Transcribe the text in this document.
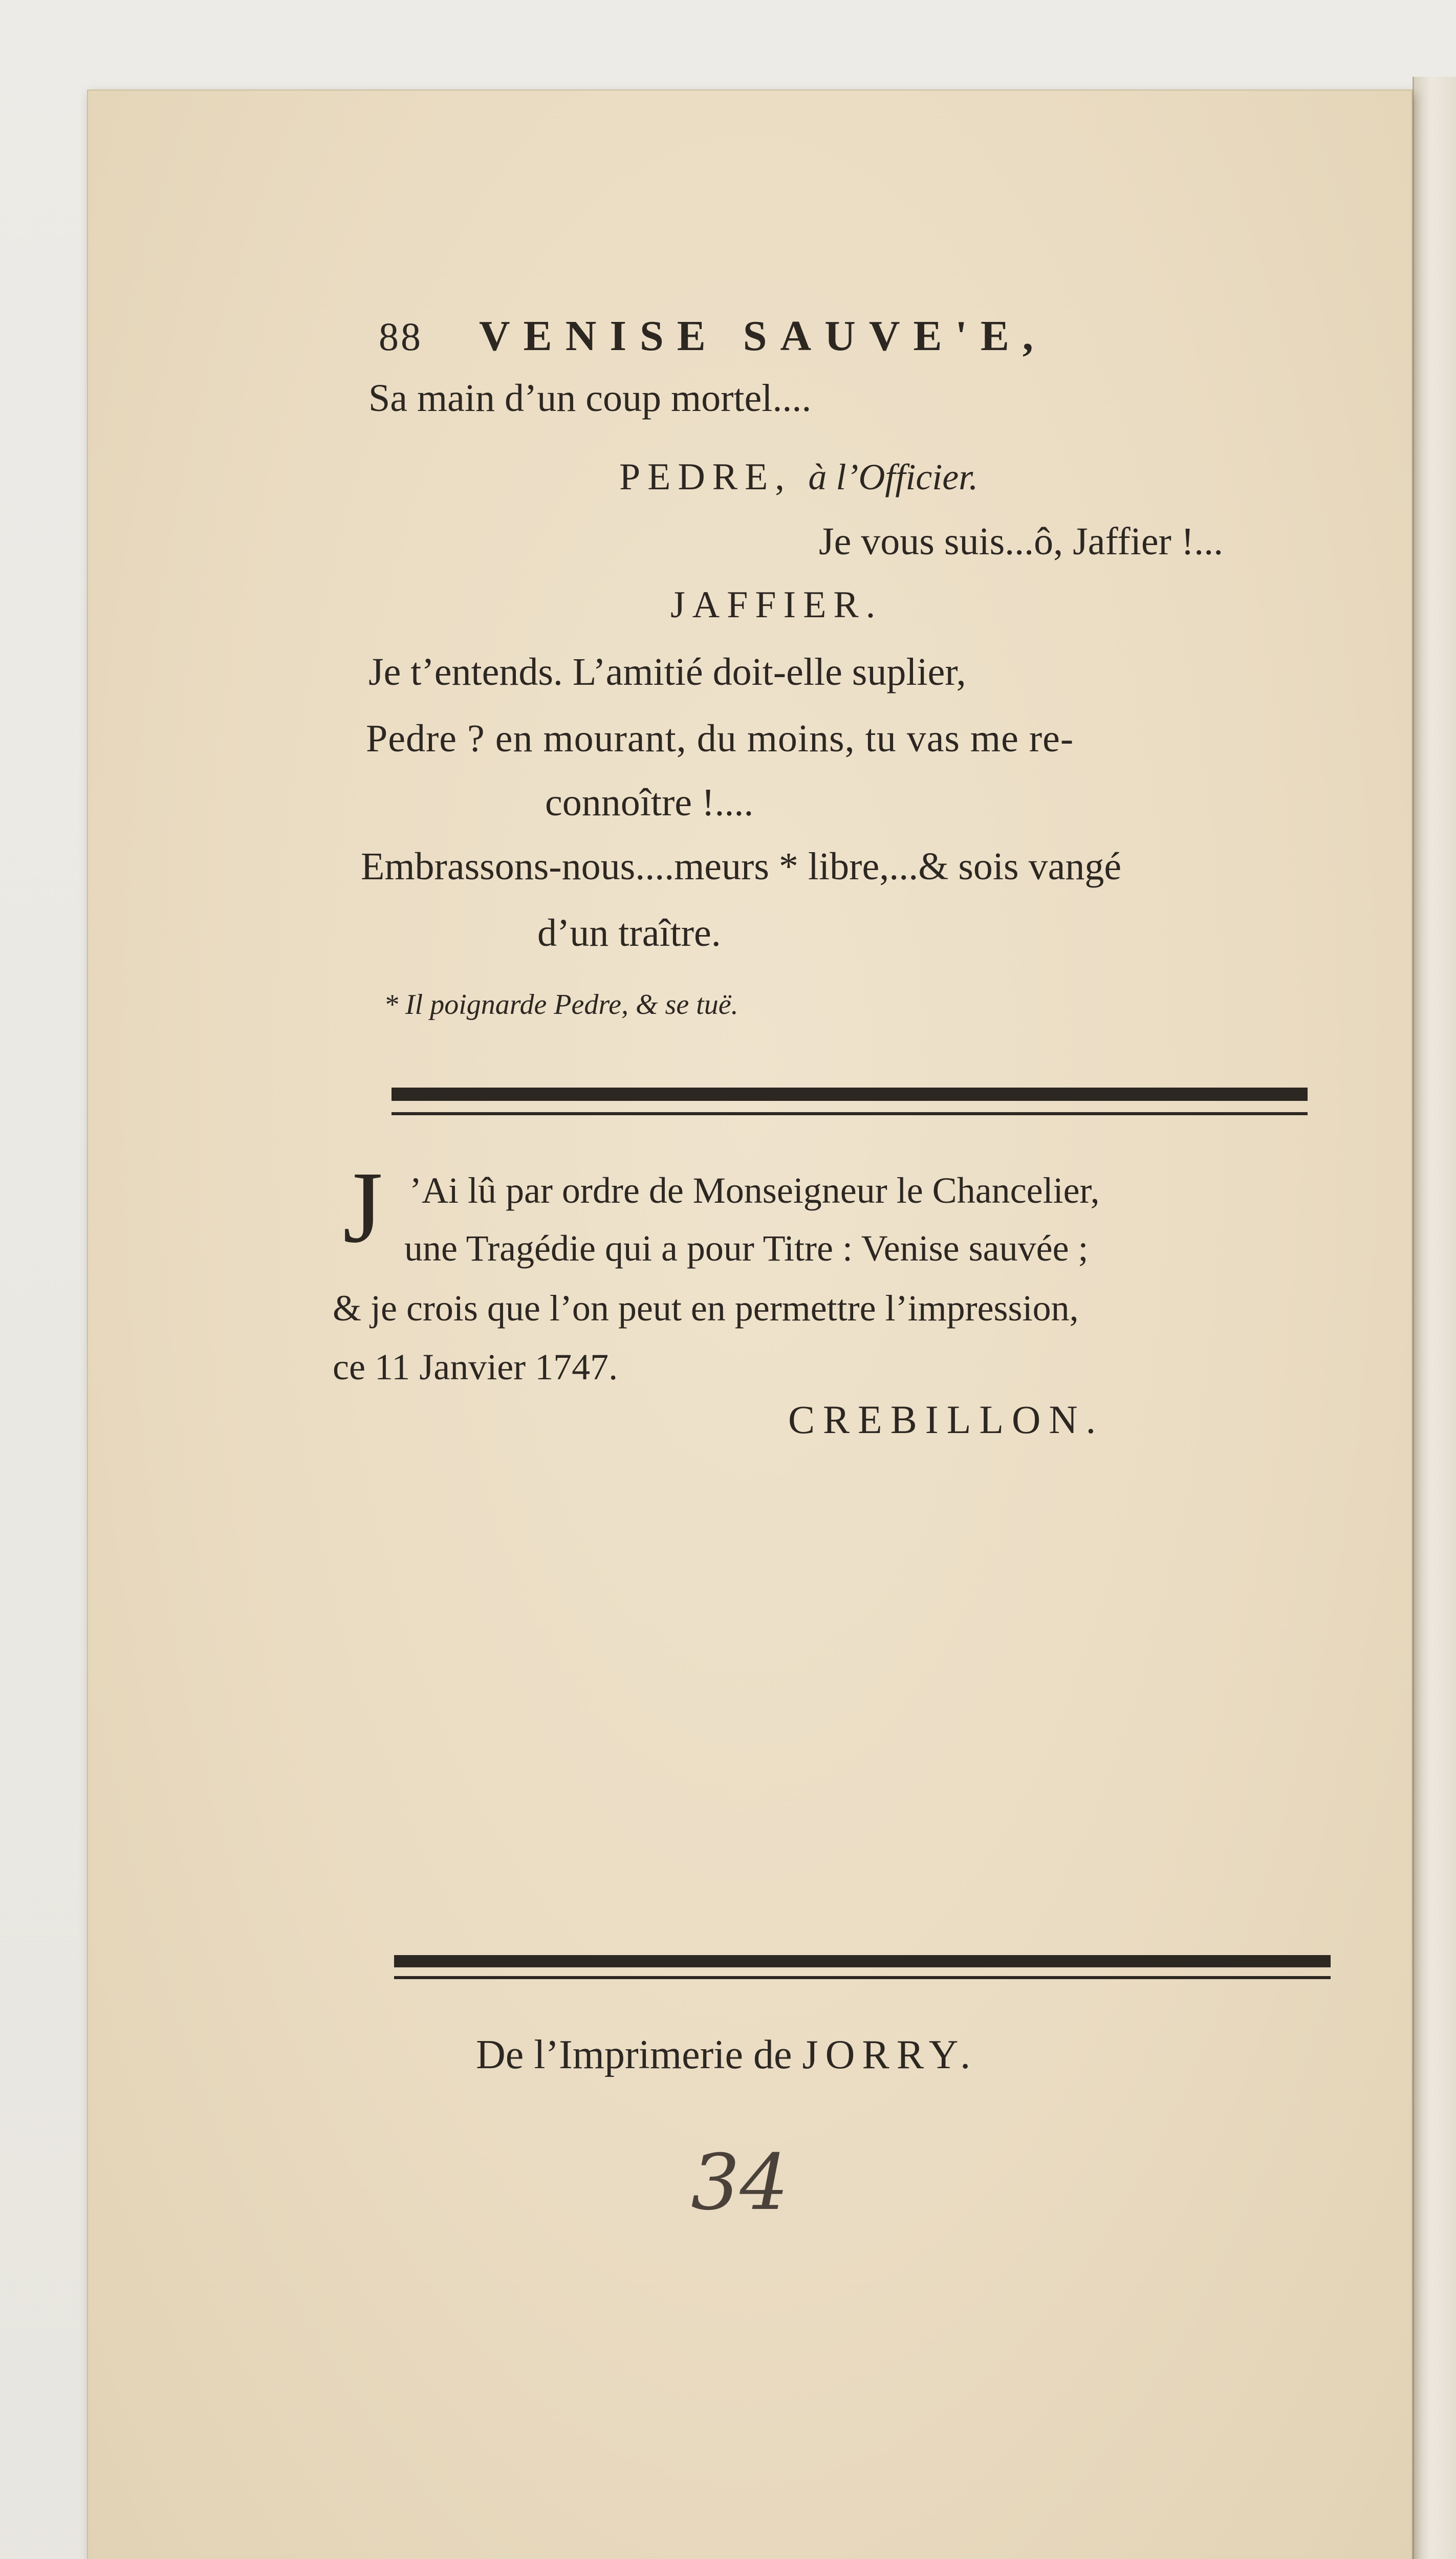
88 VENISE SAUVE'E,
Sa main d’un coup mortel....
PEDRE, à l’Officier.
Je vous suis...ô, Jaffier !...
JAFFIER.
Je t’entends. L’amitié doit-elle suplier,
Pedre ? en mourant, du moins, tu vas me re-
connoître !....
Embrassons-nous....meurs * libre,...& sois vangé
d’un traître.
* Il poignarde Pedre, & se tuë.
J ’Ai lû par ordre de Monseigneur le Chancelier,
une Tragédie qui a pour Titre : Venise sauvée ;
& je crois que l’on peut en permettre l’impression,
ce 11 Janvier 1747.
CREBILLON.
De l’Imprimerie de JORRY.
34
